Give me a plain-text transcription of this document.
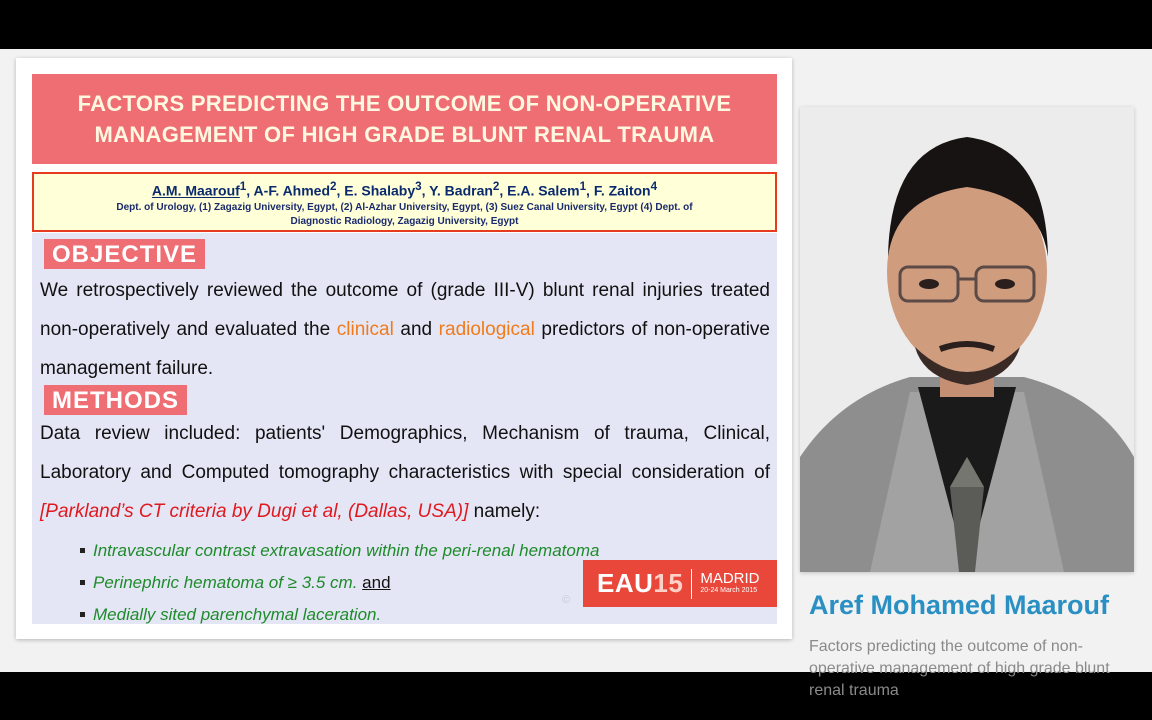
FACTORS PREDICTING THE OUTCOME OF NON-OPERATIVE
MANAGEMENT OF HIGH GRADE BLUNT RENAL TRAUMA
A.M. Maarouf$^1$, A-F. Ahmed$^2$, E. Shalaby$^3$, Y. Badran$^2$, E.A. Salem$^1$, F. Zaiton$^4$
Dept. of Urology, (1) Zagazig University, Egypt, (2) Al-Azhar University, Egypt, (3) Suez Canal University, Egypt (4) Dept. of
Diagnostic Radiology, Zagazig University, Egypt
OBJECTIVE
We retrospectively reviewed the outcome of (grade III-V) blunt renal injuries treated non-operatively and evaluated the clinical and radiological predictors of non-operative management failure.
METHODS
Data review included: patients' Demographics, Mechanism of trauma, Clinical, Laboratory and Computed tomography characteristics with special consideration of [Parkland’s CT criteria by Dugi et al, (Dallas, USA)] namely:
Intravascular contrast extravasation within the peri-renal hematoma
Perinephric hematoma of ≥ 3.5 cm. and
Medially sited parenchymal laceration.
©
EAU15 MADRID
20-24 March 2015 Aref Mohamed Maarouf
Factors predicting the outcome of non-operative management of high grade blunt renal trauma
